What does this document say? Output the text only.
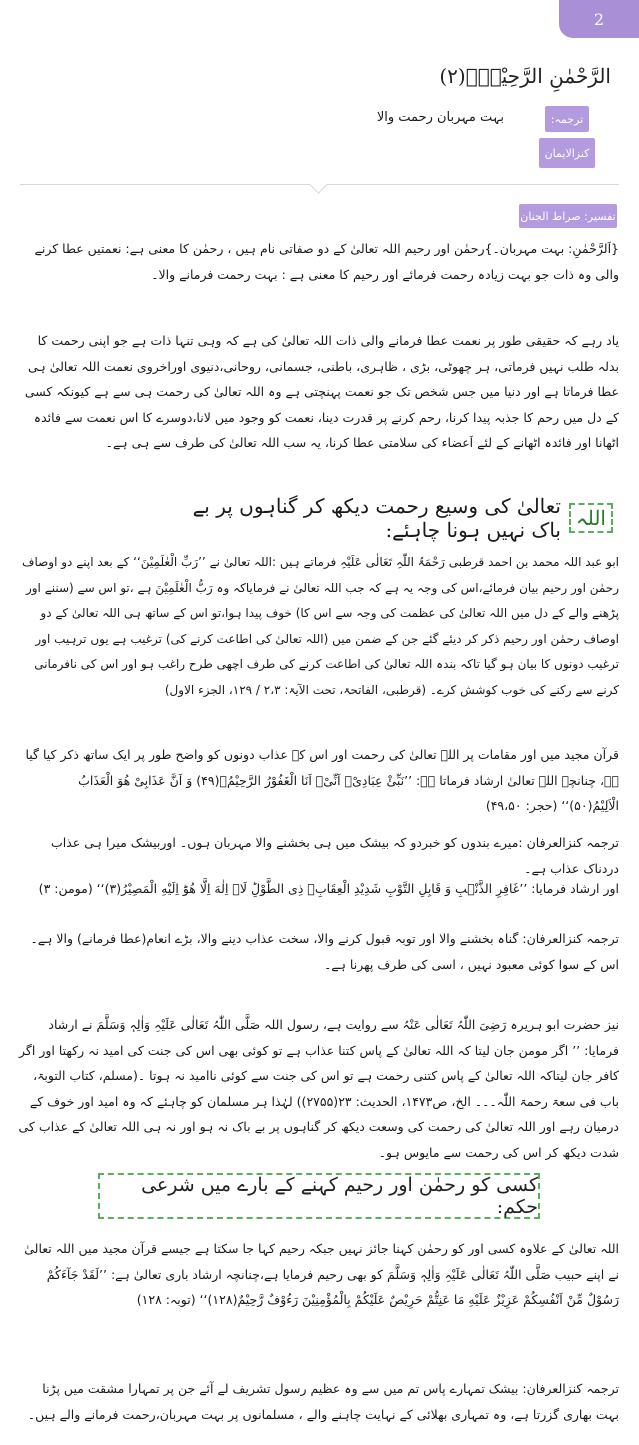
2
الرَّحْمٰنِ الرَّحِیْمِۙ(۲)
ترجمہ:
بہت مہربان رحمت والا
کنزالایمان
تفسیر: صراط الجنان
{اَلرَّحْمٰنِ: بہت مہربان۔}رحمٰن اور رحیم اللہ تعالیٰ کے دو صفاتی نام ہیں ، رحمٰن کا معنی ہے: نعمتیں عطا کرنے والی وہ ذات جو بہت زیادہ رحمت فرمائے اور رحیم کا معنی ہے : بہت رحمت فرمانے والا۔
یاد رہے کہ حقیقی طور پر نعمت عطا فرمانے والی ذات اللہ تعالیٰ کی ہے کہ وہی تنہا ذات ہے جو اپنی رحمت کا بدلہ طلب نہیں فرماتی، ہر چھوٹی، بڑی ، ظاہری، باطنی، جسمانی، روحانی،دنیوی اوراخروی نعمت اللہ تعالیٰ ہی عطا فرماتا ہے اور دنیا میں جس شخص تک جو نعمت پہنچتی ہے وہ اللہ تعالیٰ کی رحمت ہی سے ہے کیونکہ کسی کے دل میں رحم کا جذبہ پیدا کرنا، رحم کرنے پر قدرت دینا، نعمت کو وجود میں لانا،دوسرے کا اس نعمت سے فائدہ اٹھانا اور فائدہ اٹھانے کے لئے اَعضاء کی سلامتی عطا کرنا، یہ سب اللہ تعالیٰ کی طرف سے ہی ہے۔
اللہ
تعالیٰ کی وسیع رحمت دیکھ کر گناہوں پر بے باک نہیں ہونا چاہئے:
ابو عبد اللہ محمد بن احمد قرطبی رَحْمَۃُ اللّٰہِ تَعَالٰی عَلَیْہِ فرماتے ہیں :اللہ تعالیٰ نے ’’رَبِّ الْعٰلَمِیْنَ‘‘ کے بعد اپنے دو اوصاف رحمٰن اور رحیم بیان فرمائے،اس کی وجہ یہ ہے کہ جب اللہ تعالیٰ نے فرمایاکہ وہ رَبُّ الْعٰلَمِیْنَ ہے ،تو اس سے (سننے اور پڑھنے والے کے دل میں اللہ تعالیٰ کی عظمت کی وجہ سے اس کا) خوف پیدا ہوا،تو اس کے ساتھ ہی اللہ تعالیٰ کے دو اوصاف رحمٰن اور رحیم ذکر کر دیئے گئے جن کے ضمن میں (اللہ تعالیٰ کی اطاعت کرنے کی) ترغیب ہے یوں ترہیب اور ترغیب دونوں کا بیان ہو گیا تاکہ بندہ اللہ تعالیٰ کی اطاعت کرنے کی طرف اچھی طرح راغب ہو اور اس کی نافرمانی کرنے سے رکنے کی خوب کوشش کرے۔ (قرطبی، الفاتحۃ، تحت الآیۃ: ۲،۳ / ۱۲۹، الجزء الاول)
قرآن مجید میں اور مقامات پر اللہ تعالیٰ کی رحمت اور اس کے عذاب دونوں کو واضح طور پر ایک ساتھ ذکر کیا گیا ہے، چنانچہ اللہ تعالیٰ ارشاد فرماتا ہے: ’’نَبِّئْ عِبَادِیْۤ اَنِّیْۤ اَنَا الْغَفُوْرُ الرَّحِیْمُۙ(۴۹) وَ اَنَّ عَذَابِیْ هُوَ الْعَذَابُ الْاَلِیْمُ(۵۰)‘‘ (حجر: ۴۹،۵۰)
ترجمہ کنزالعرفان :میرے بندوں کو خبردو کہ بیشک میں ہی بخشنے والا مہربان ہوں۔ اوربیشک میرا ہی عذاب دردناک عذاب ہے۔
اور ارشاد فرمایا: ’’غَافِرِ الذَّنْۢبِ وَ قَابِلِ التَّوْبِ شَدِیْدِ الْعِقَابِۙ ذِی الطَّوْلِؕ لَاۤ اِلٰهَ اِلَّا هُوَؕ اِلَیْهِ الْمَصِیْرُ(۳)‘‘ (مومن: ۳)
ترجمہ کنزالعرفان: گناہ بخشنے والا اور توبہ قبول کرنے والا، سخت عذاب دینے والا، بڑے انعام(عطا فرمانے) والا ہے۔ اس کے سوا کوئی معبود نہیں ، اسی کی طرف پھرنا ہے۔
نیز حضرت ابو ہریرہ رَضِیَ اللّٰہُ تَعَالٰی عَنْہُ سے روایت ہے، رسول اللہ صَلَّی اللّٰہُ تَعَالٰی عَلَیْہِ وَاٰلِہٖ وَسَلَّمَ نے ارشاد فرمایا: ’’ اگر مومن جان لیتا کہ اللہ تعالیٰ کے پاس کتنا عذاب ہے تو کوئی بھی اس کی جنت کی امید نہ رکھتا اور اگر کافر جان لیتاکہ اللہ تعالیٰ کے پاس کتنی رحمت ہے تو اس کی جنت سے کوئی ناامید نہ ہوتا ۔(مسلم، کتاب التوبۃ، باب فی سعۃ رحمۃ اللّٰہ۔۔۔ الخ، ص۱۴۷۳، الحدیث: ۲۳(۲۷۵۵)) لہٰذا ہر مسلمان کو چاہئے کہ وہ امید اور خوف کے درمیان رہے اور اللہ تعالیٰ کی رحمت کی وسعت دیکھ کر گناہوں پر بے باک نہ ہو اور نہ ہی اللہ تعالیٰ کے عذاب کی شدت دیکھ کر اس کی رحمت سے مایوس ہو۔
کسی کو رحمٰن اور رحیم کہنے کے بارے میں شرعی حکم:
اللہ تعالیٰ کے علاوہ کسی اور کو رحمٰن کہنا جائز نہیں جبکہ رحیم کہا جا سکتا ہے جیسے قرآن مجید میں اللہ تعالیٰ نے اپنے حبیب صَلَّی اللّٰہُ تَعَالٰی عَلَیْہِ وَاٰلِہٖ وَسَلَّمَ کو بھی رحیم فرمایا ہے،چنانچہ ارشاد باری تعالیٰ ہے: ’’لَقَدْ جَآءَكُمْ رَسُوْلٌ مِّنْ اَنْفُسِكُمْ عَزِیْزٌ عَلَیْهِ مَا عَنِتُّمْ حَرِیْصٌ عَلَیْكُمْ بِالْمُؤْمِنِیْنَ رَءُوْفٌ رَّحِیْمٌ(۱۲۸)‘‘ (توبہ: ۱۲۸)
ترجمہ کنزالعرفان: بیشک تمہارے پاس تم میں سے وہ عظیم رسول تشریف لے آئے جن پر تمہارا مشقت میں پڑنا بہت بھاری گزرتا ہے، وہ تمہاری بھلائی کے نہایت چاہنے والے ، مسلمانوں پر بہت مہربان،رحمت فرمانے والے ہیں۔
